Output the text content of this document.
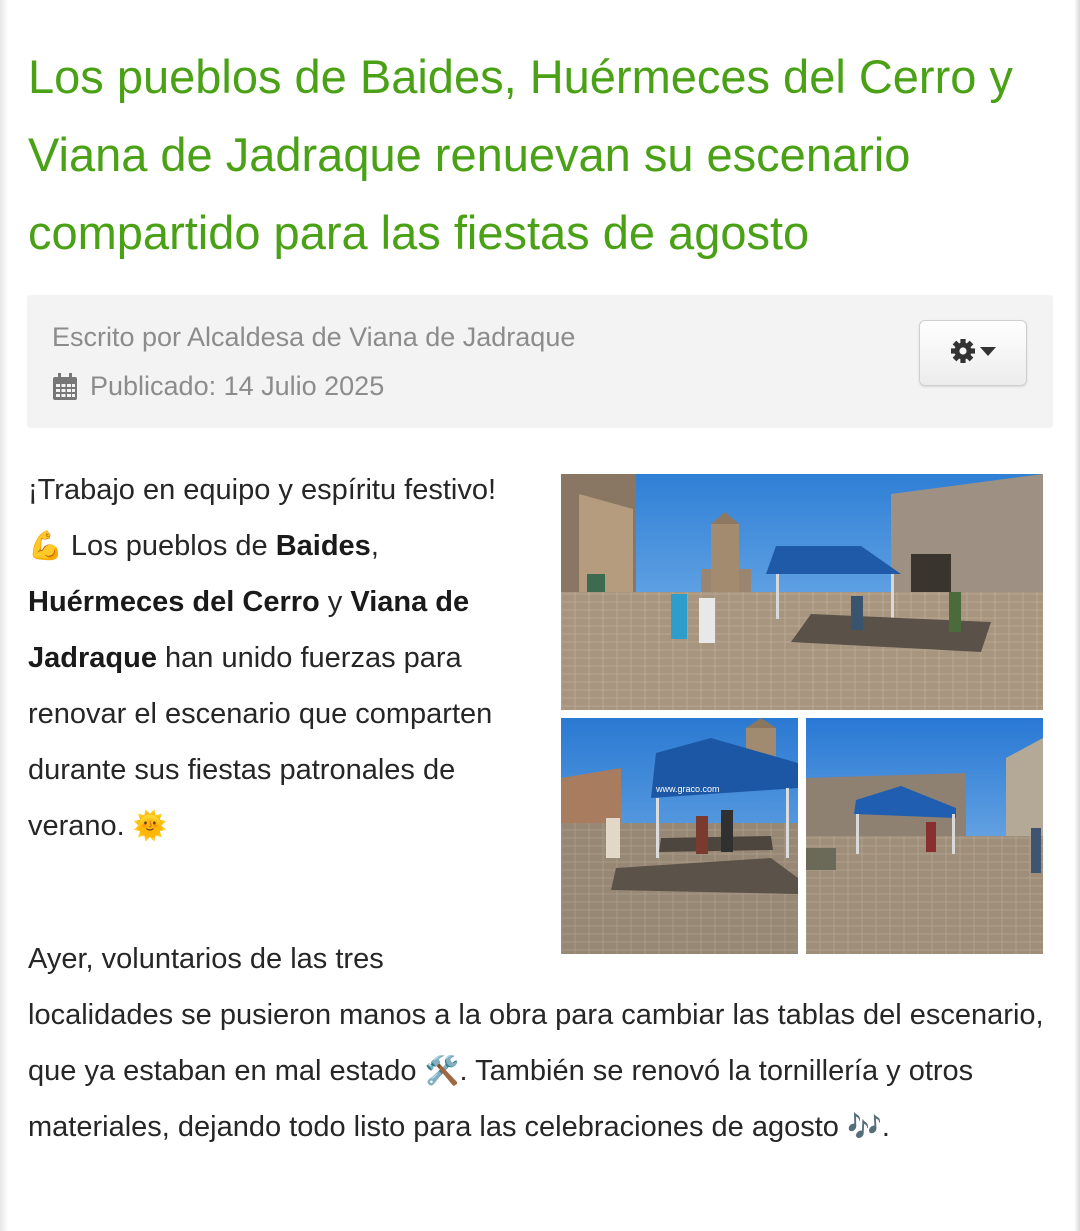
Los pueblos de Baides, Huérmeces del Cerro y Viana de Jadraque renuevan su escenario compartido para las fiestas de agosto
Escrito por Alcaldesa de Viana de Jadraque
Publicado: 14 Julio 2025
¡Trabajo en equipo y espíritu festivo! 💪 Los pueblos de Baides, Huérmeces del Cerro y Viana de Jadraque han unido fuerzas para renovar el escenario que comparten durante sus fiestas patronales de verano. 🌞
www.graco.com
Ayer, voluntarios de las tres
localidades se pusieron manos a la obra para cambiar las tablas del escenario, que ya estaban en mal estado 🛠️. También se renovó la tornillería y otros materiales, dejando todo listo para las celebraciones de agosto 🎶.
